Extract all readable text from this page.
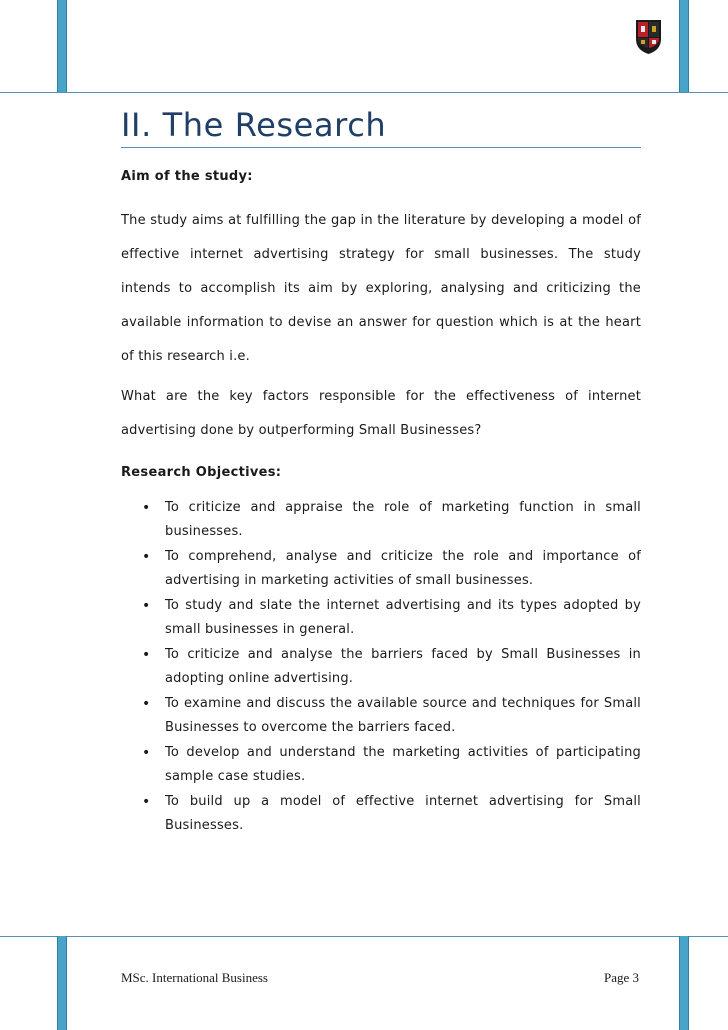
II. The Research
Aim of the study:

The study aims at fulfilling the gap in the literature by developing a model of effective internet advertising strategy for small businesses. The study intends to accomplish its aim by exploring, analysing and criticizing the available information to devise an answer for question which is at the heart of this research i.e.

What are the key factors responsible for the effectiveness of internet advertising done by outperforming Small Businesses?

Research Objectives:
• To criticize and appraise the role of marketing function in small businesses.
• To comprehend, analyse and criticize the role and importance of advertising in marketing activities of small businesses.
• To study and slate the internet advertising and its types adopted by small businesses in general.
• To criticize and analyse the barriers faced by Small Businesses in adopting online advertising.
• To examine and discuss the available source and techniques for Small Businesses to overcome the barriers faced.
• To develop and understand the marketing activities of participating sample case studies.
• To build up a model of effective internet advertising for Small Businesses.
MSc. International Business	Page 3
